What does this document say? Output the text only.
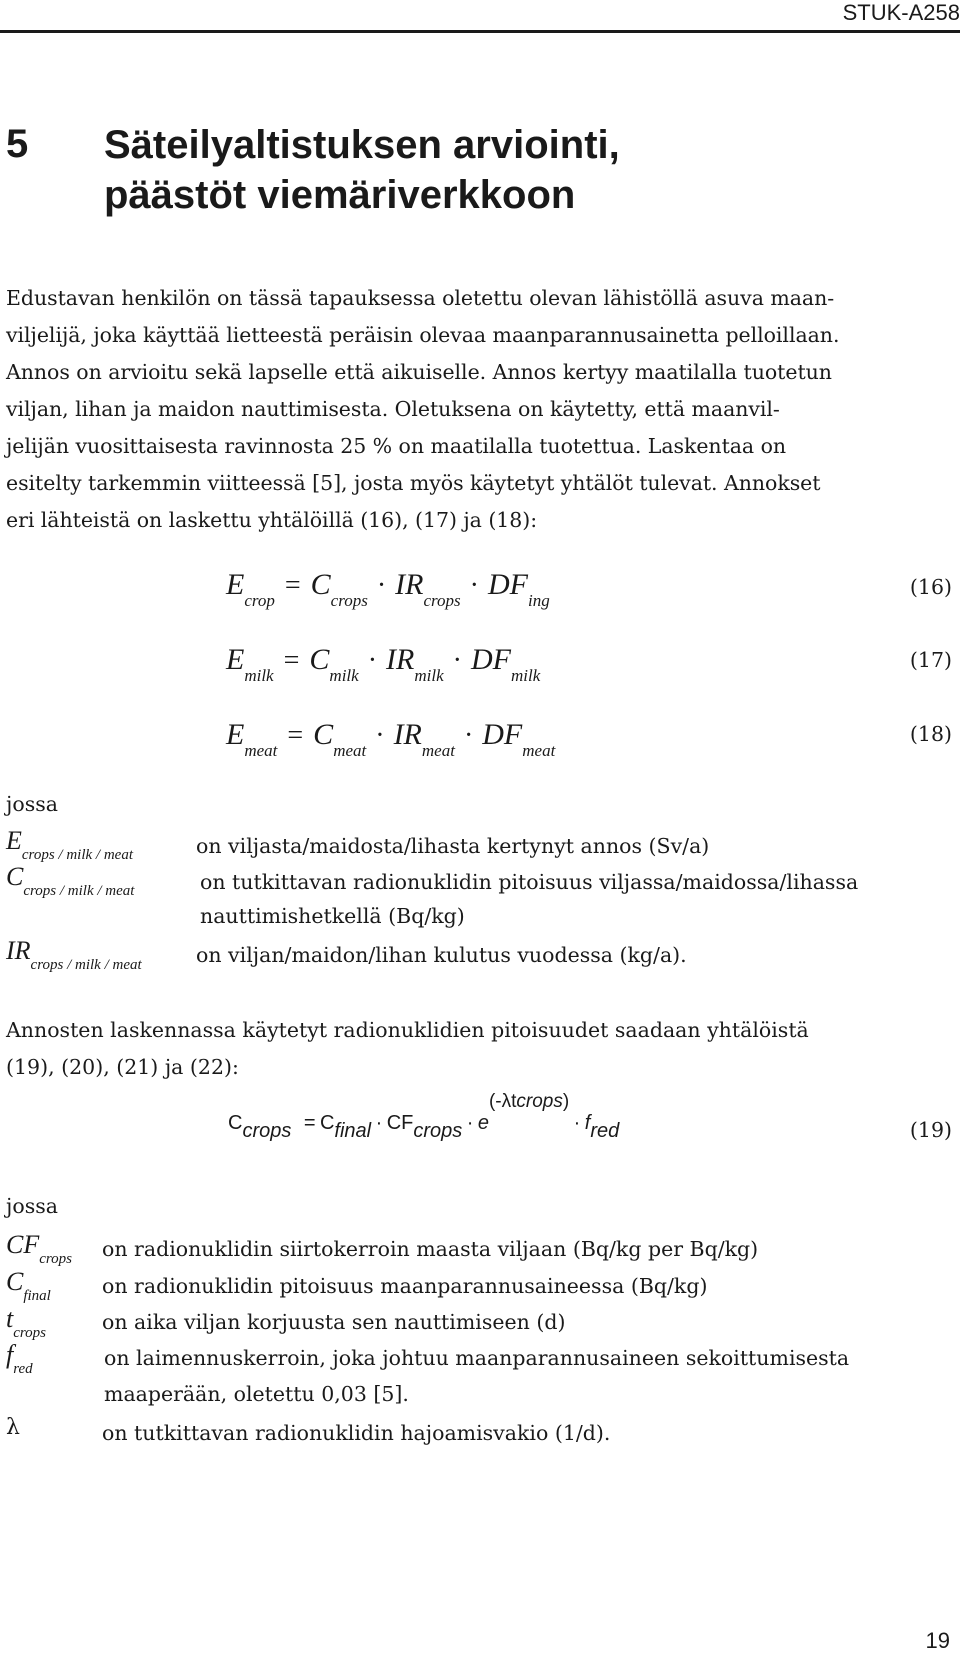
STUK-A258
5 Säteilyaltistuksen arviointi,
päästöt viemäriverkkoon
Edustavan henkilön on tässä tapauksessa oletettu olevan lähistöllä asuva maan-
viljelijä, joka käyttää lietteestä peräisin olevaa maanparannusainetta pelloillaan.
Annos on arvioitu sekä lapselle että aikuiselle. Annos kertyy maatilalla tuotetun
viljan, lihan ja maidon nauttimisesta. Oletuksena on käytetty, että maanvil-
jelijän vuosittaisesta ravinnosta 25 % on maatilalla tuotettua. Laskentaa on
esitelty tarkemmin viitteessä [5], josta myös käytetyt yhtälöt tulevat. Annokset
eri lähteistä on laskettu yhtälöillä (16), (17) ja (18):
Ecrop = Ccrops · IRcrops · DFing
(16)
Emilk = Cmilk · IRmilk · DFmilk
(17)
Emeat = Cmeat · IRmeat · DFmeat
(18)
jossa
Ecrops / milk / meat	on viljasta/maidosta/lihasta kertynyt annos (Sv/a)
Ccrops / milk / meat	on tutkittavan radionuklidin pitoisuus viljassa/maidossa/lihassa
nauttimishetkellä (Bq/kg)
IRcrops / milk / meat	on viljan/maidon/lihan kulutus vuodessa (kg/a).
Annosten laskennassa käytetyt radionuklidien pitoisuudet saadaan yhtälöistä
(19), (20), (21) ja (22):
Ccrops = Cfinal · CFcrops · e(-λtcrops) · fred	(19)
jossa
CFcrops on radionuklidin siirtokerroin maasta viljaan (Bq/kg per Bq/kg)
Cfinal on radionuklidin pitoisuus maanparannusaineessa (Bq/kg)
tcrops	on aika viljan korjuusta sen nauttimiseen (d)
fred	on laimennuskerroin, joka johtuu maanparannusaineen sekoittumisesta
maaperään, oletettu 0,03 [5].
λ	on tutkittavan radionuklidin hajoamisvakio (1/d).
19
